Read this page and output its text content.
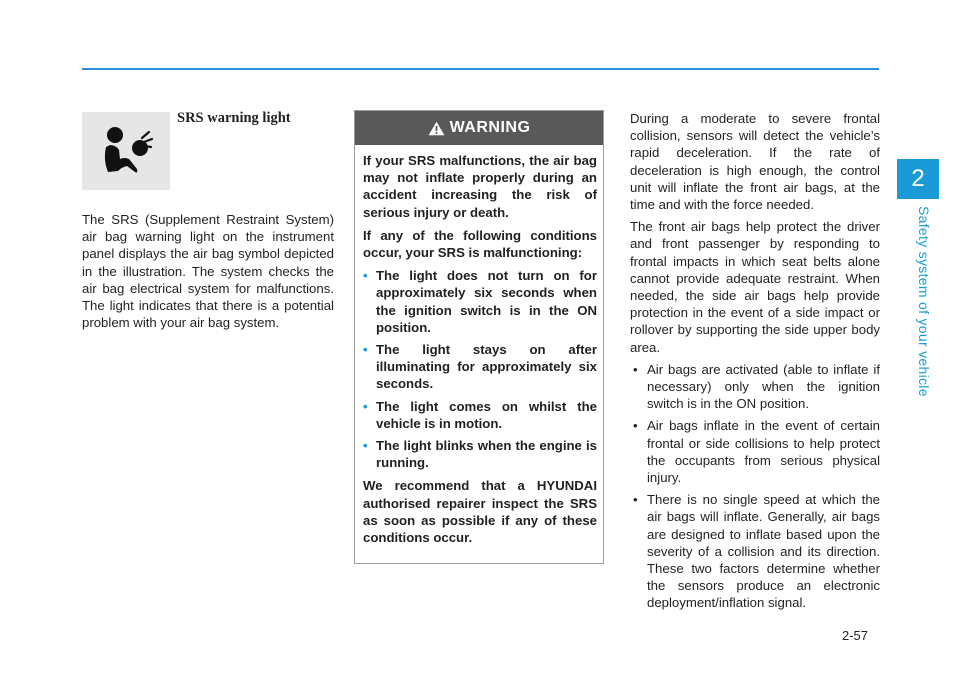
2
Safety system of your vehicle
SRS warning light

The SRS (Supplement Restraint System) air bag warning light on the instrument panel displays the air bag symbol depicted in the illustration. The system checks the air bag electrical system for malfunctions. The light indicates that there is a potential problem with your air bag system.

WARNING

If your SRS malfunctions, the air bag may not inflate properly during an accident increasing the risk of serious injury or death.

If any of the following conditions occur, your SRS is malfunctioning:

• The light does not turn on for approximately six seconds when the ignition switch is in the ON position.
• The light stays on after illuminating for approximately six seconds.
• The light comes on whilst the vehicle is in motion.
• The light blinks when the engine is running.

We recommend that a HYUNDAI authorised repairer inspect the SRS as soon as possible if any of these conditions occur.

During a moderate to severe frontal collision, sensors will detect the vehicle’s rapid deceleration. If the rate of deceleration is high enough, the control unit will inflate the front air bags, at the time and with the force needed.

The front air bags help protect the driver and front passenger by responding to frontal impacts in which seat belts alone cannot provide adequate restraint. When needed, the side air bags help provide protection in the event of a side impact or rollover by supporting the side upper body area.

• Air bags are activated (able to inflate if necessary) only when the ignition switch is in the ON position.
• Air bags inflate in the event of certain frontal or side collisions to help protect the occupants from serious physical injury.
• There is no single speed at which the air bags will inflate. Generally, air bags are designed to inflate based upon the severity of a collision and its direction. These two factors determine whether the sensors produce an electronic deployment/inflation signal.
2-57
